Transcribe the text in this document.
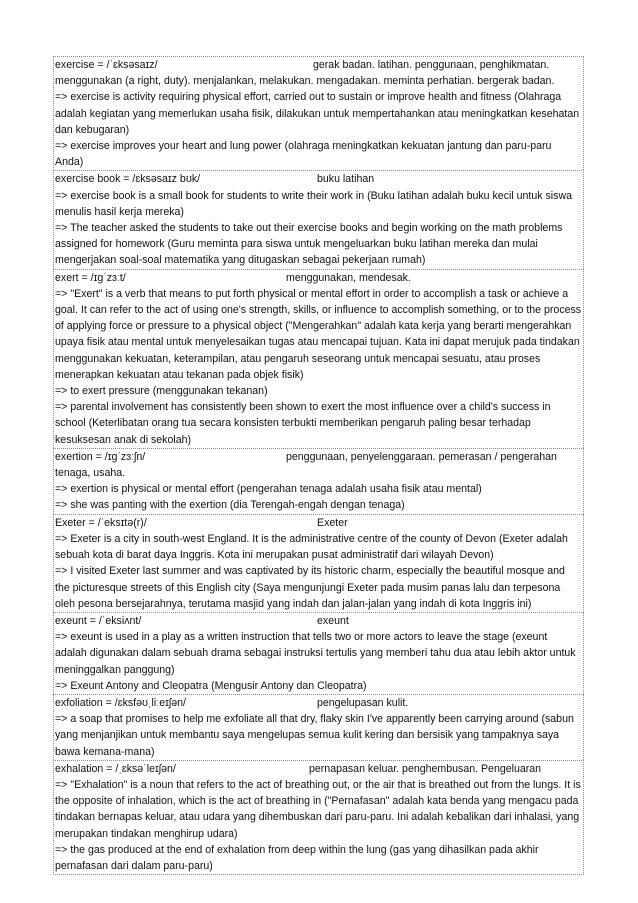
exercise = /ˈɛksəsaɪz/	gerak badan. latihan. penggunaan, penghikmatan.

menggunakan (a right, duty). menjalankan, melakukan. mengadakan. meminta perhatian. bergerak badan.

=> exercise is activity requiring physical effort, carried out to sustain or improve health and fitness (Olahraga adalah kegiatan yang memerlukan usaha fisik, dilakukan untuk mempertahankan atau meningkatkan kesehatan dan kebugaran)

=> exercise improves your heart and lung power (olahraga meningkatkan kekuatan jantung dan paru-paru Anda)

exercise book = /ɛksəsaɪz bʊk/	buku latihan

=> exercise book is a small book for students to write their work in (Buku latihan adalah buku kecil untuk siswa menulis hasil kerja mereka)

=> The teacher asked the students to take out their exercise books and begin working on the math problems assigned for homework (Guru meminta para siswa untuk mengeluarkan buku latihan mereka dan mulai mengerjakan soal-soal matematika yang ditugaskan sebagai pekerjaan rumah)

exert = /ɪɡˈzɜːt/	menggunakan, mendesak.

=> "Exert" is a verb that means to put forth physical or mental effort in order to accomplish a task or achieve a goal. It can refer to the act of using one's strength, skills, or influence to accomplish something, or to the process of applying force or pressure to a physical object ("Mengerahkan" adalah kata kerja yang berarti mengerahkan upaya fisik atau mental untuk menyelesaikan tugas atau mencapai tujuan. Kata ini dapat merujuk pada tindakan menggunakan kekuatan, keterampilan, atau pengaruh seseorang untuk mencapai sesuatu, atau proses menerapkan kekuatan atau tekanan pada objek fisik)

=> to exert pressure (menggunakan tekanan)

=> parental involvement has consistently been shown to exert the most influence over a child's success in school (Keterlibatan orang tua secara konsisten terbukti memberikan pengaruh paling besar terhadap kesuksesan anak di sekolah)

exertion = /ɪɡˈzɜːʃn/	penggunaan, penyelenggaraan. pemerasan / pengerahan

tenaga, usaha.

=> exertion is physical or mental effort (pengerahan tenaga adalah usaha fisik atau mental)

=> she was panting with the exertion (dia Terengah-engah dengan tenaga)

Exeter = /ˈeksɪtə(r)/	Exeter

=> Exeter is a city in south-west England. It is the administrative centre of the county of Devon (Exeter adalah sebuah kota di barat daya Inggris. Kota ini merupakan pusat administratif dari wilayah Devon)

=> I visited Exeter last summer and was captivated by its historic charm, especially the beautiful mosque and the picturesque streets of this English city (Saya mengunjungi Exeter pada musim panas lalu dan terpesona oleh pesona bersejarahnya, terutama masjid yang indah dan jalan-jalan yang indah di kota Inggris ini)

exeunt = /ˈeksiʌnt/	exeunt

=> exeunt is used in a play as a written instruction that tells two or more actors to leave the stage (exeunt adalah digunakan dalam sebuah drama sebagai instruksi tertulis yang memberi tahu dua atau lebih aktor untuk meninggalkan panggung)

=> Exeunt Antony and Cleopatra (Mengusir Antony dan Cleopatra)

exfoliation = /ɛksfəʊˌliːeɪʃən/	pengelupasan kulit.

=> a soap that promises to help me exfoliate all that dry, flaky skin I've apparently been carrying around (sabun yang menjanjikan untuk membantu saya mengelupas semua kulit kering dan bersisik yang tampaknya saya bawa kemana-mana)

exhalation = /ˌɛksəˈleɪʃən/	pernapasan keluar. penghembusan. Pengeluaran

=> "Exhalation" is a noun that refers to the act of breathing out, or the air that is breathed out from the lungs. It is the opposite of inhalation, which is the act of breathing in ("Pernafasan" adalah kata benda yang mengacu pada tindakan bernapas keluar, atau udara yang dihembuskan dari paru-paru. Ini adalah kebalikan dari inhalasi, yang merupakan tindakan menghirup udara)

=> the gas produced at the end of exhalation from deep within the lung (gas yang dihasilkan pada akhir pernafasan dari dalam paru-paru)
